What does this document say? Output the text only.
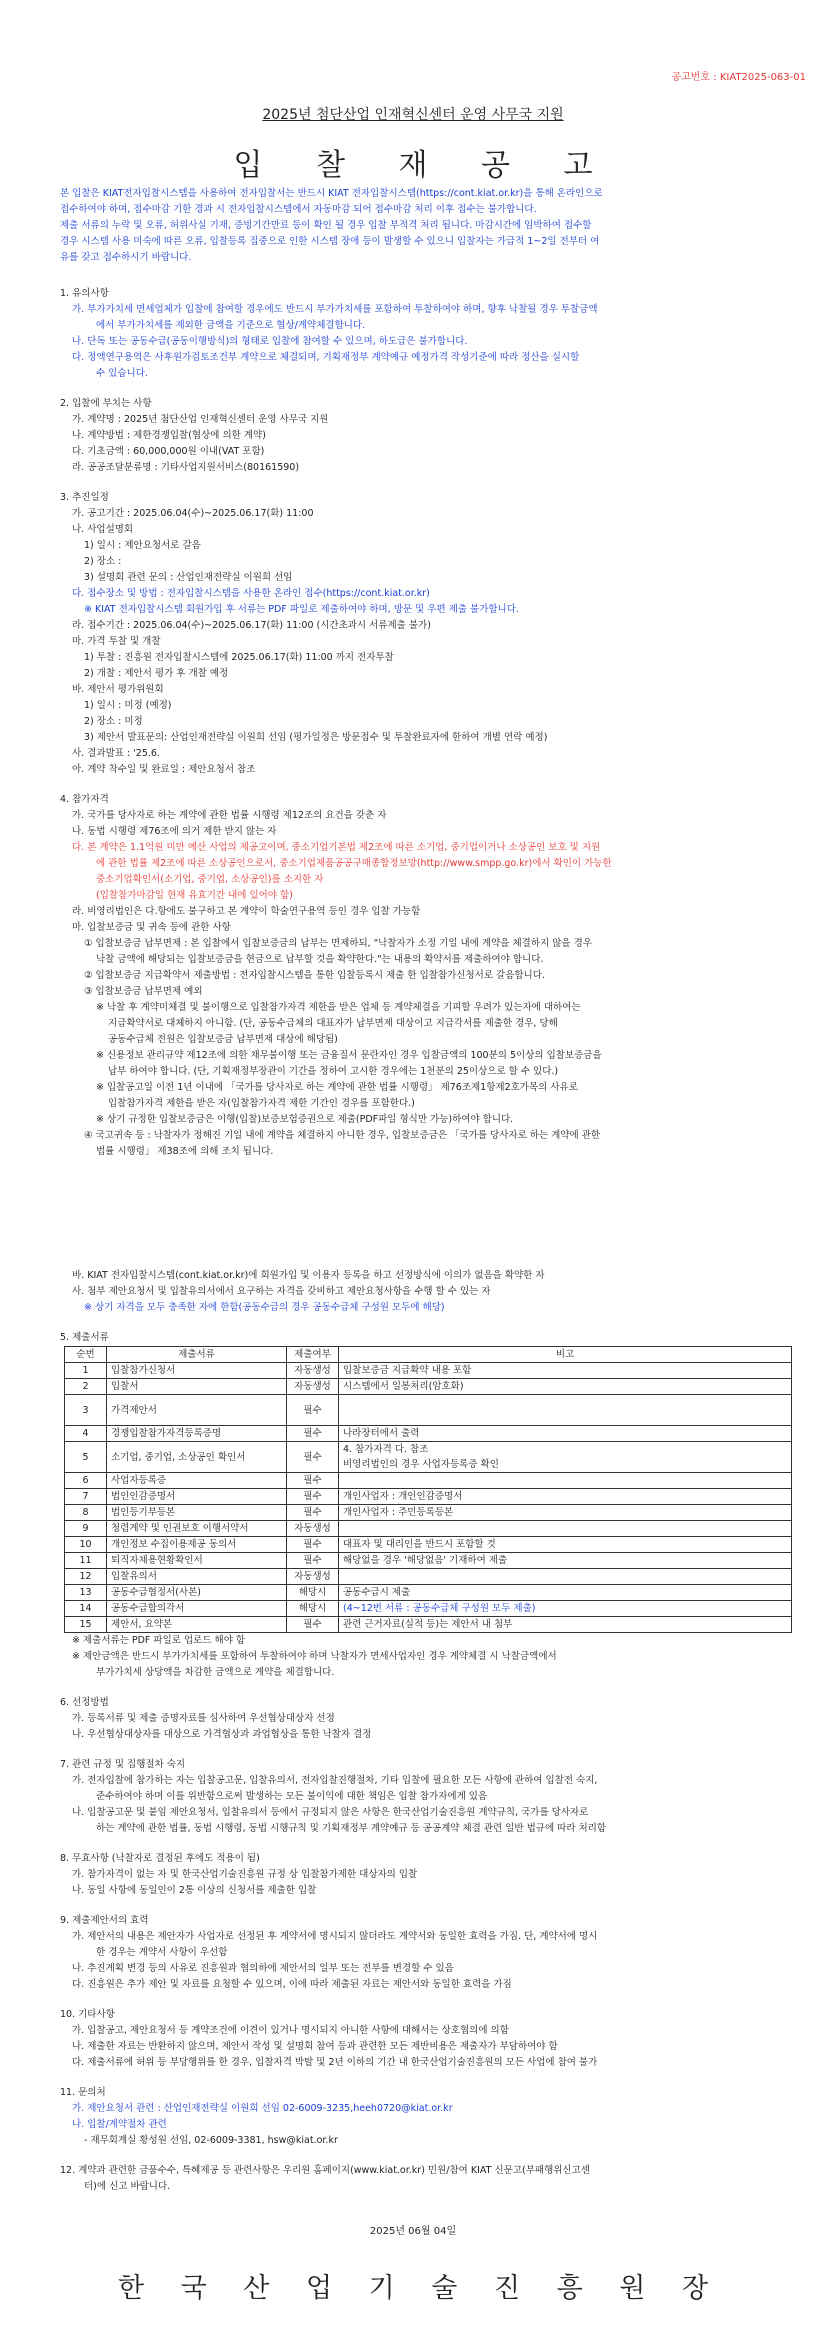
공고번호 : KIAT2025-063-01
2025년 첨단산업 인재혁신센터 운영 사무국 지원
입 찰 재 공 고

본 입찰은 KIAT전자입찰시스템을 사용하여 전자입찰서는 반드시 KIAT 전자입찰시스템(https://cont.kiat.or.kr)을 통해 온라인으로

접수하여야 하며, 접수마감 기한 경과 시 전자입찰시스템에서 자동마감 되어 접수마감 처리 이후 접수는 불가합니다.

제출 서류의 누락 및 오류, 허위사실 기재, 증빙기간만료 등이 확인 될 경우 입찰 부적격 처리 됩니다. 마감시간에 임박하여 접수할

경우 시스템 사용 미숙에 따른 오류, 입찰등록 집중으로 인한 시스템 장애 등이 발생할 수 있으니 입찰자는 가급적 1~2일 전부터 여

유를 갖고 접수하시기 바랍니다.

1. 유의사항

가. 부가가치세 면세업체가 입찰에 참여할 경우에도 반드시 부가가치세를 포함하여 투찰하여야 하며, 향후 낙찰될 경우 투찰금액

에서 부가가치세를 제외한 금액을 기준으로 협상/계약체결합니다.

나. 단독 또는 공동수급(공동이행방식)의 형태로 입찰에 참여할 수 있으며, 하도급은 불가합니다.

다. 정액연구용역은 사후원가검토조건부 계약으로 체결되며, 기획재정부 계약예규 예정가격 작성기준에 따라 정산을 실시할

수 있습니다.

2. 입찰에 부치는 사항

가. 계약명 : 2025년 첨단산업 인재혁신센터 운영 사무국 지원

나. 계약방법 : 제한경쟁입찰(협상에 의한 계약)

다. 기초금액 : 60,000,000원 이내(VAT 포함)

라. 공공조달분류명 : 기타사업지원서비스(80161590)

3. 추진일정

가. 공고기간 : 2025.06.04(수)~2025.06.17(화) 11:00

나. 사업설명회

1) 일시 : 제안요청서로 갈음

2) 장소 :

3) 설명회 관련 문의 : 산업인재전략실 이원희 선임

다. 접수장소 및 방법 : 전자입찰시스템을 사용한 온라인 접수(https://cont.kiat.or.kr)

※ KIAT 전자입찰시스템 회원가입 후 서류는 PDF 파일로 제출하여야 하며, 방문 및 우편 제출 불가합니다.

라. 접수기간 : 2025.06.04(수)~2025.06.17(화) 11:00 (시간초과시 서류제출 불가)

마. 가격 투찰 및 개찰

1) 투찰 : 진흥원 전자입찰시스템에 2025.06.17(화) 11:00 까지 전자투찰

2) 개찰 : 제안서 평가 후 개찰 예정

바. 제안서 평가위원회

1) 일시 : 미정 (예정)

2) 장소 : 미정

3) 제안서 발표문의: 산업인재전략실 이원희 선임 (평가일정은 방문접수 및 투찰완료자에 한하여 개별 연락 예정)

사. 결과발표 : '25.6.

아. 계약 착수일 및 완료일 : 제안요청서 참조

4. 참가자격

가. 국가를 당사자로 하는 계약에 관한 법률 시행령 제12조의 요건을 갖춘 자

나. 동법 시행령 제76조에 의거 제한 받지 않는 자

다. 본 계약은 1.1억원 미만 예산 사업의 제공고이며, 중소기업기본법 제2조에 따른 소기업, 중기업이거나 소상공인 보호 및 지원

에 관한 법률 제2조에 따른 소상공인으로서, 중소기업제품공공구매종합정보망(http://www.smpp.go.kr)에서 확인이 가능한

중소기업확인서(소기업, 중기업, 소상공인)를 소지한 자

(입찰참가마감일 현재 유효기간 내에 있어야 함)

라. 비영리법인은 다.항에도 불구하고 본 계약이 학술연구용역 등인 경우 입찰 가능함

마. 입찰보증금 및 귀속 등에 관한 사항

① 입찰보증금 납부면제 : 본 입찰에서 입찰보증금의 납부는 면제하되, "낙찰자가 소정 기일 내에 계약을 체결하지 않을 경우

낙찰 금액에 해당되는 입찰보증금을 현금으로 납부할 것을 확약한다."는 내용의 확약서를 제출하여야 합니다.

② 입찰보증금 지급확약서 제출방법 : 전자입찰시스템을 통한 입찰등록시 제출 한 입찰참가신청서로 갈음합니다.

③ 입찰보증금 납부면제 예외

※ 낙찰 후 계약미체결 및 불이행으로 입찰참가자격 제한을 받은 업체 등 계약체결을 기피할 우려가 있는자에 대하여는

지급확약서로 대체하지 아니함. (단, 공동수급체의 대표자가 납부면제 대상이고 지급각서를 제출한 경우, 당해

공동수급체 전원은 입찰보증금 납부면제 대상에 해당됨)

※ 신용정보 관리규약 제12조에 의한 채무불이행 또는 금융질서 문란자인 경우 입찰금액의 100분의 5이상의 입찰보증금을

납부 하여야 합니다. (단, 기획재정부장관이 기간을 정하여 고시한 경우에는 1천분의 25이상으로 할 수 있다.)

※ 입찰공고일 이전 1년 이내에 「국가를 당사자로 하는 계약에 관한 법률 시행령」 제76조제1항제2호가목의 사유로

입찰참가자격 제한을 받은 자(입찰참가자격 제한 기간인 경우를 포함한다.)

※ 상기 규정한 입찰보증금은 이행(입찰)보증보험증권으로 제출(PDF파일 형식만 가능)하여야 합니다.

④ 국고귀속 등 : 낙찰자가 정해진 기일 내에 계약을 체결하지 아니한 경우, 입찰보증금은 「국가를 당사자로 하는 계약에 관한

법률 시행령」 제38조에 의해 조치 됩니다.

바. KIAT 전자입찰시스템(cont.kiat.or.kr)에 회원가입 및 이용자 등록을 하고 선정방식에 이의가 없음을 확약한 자

사. 첨부 제안요청서 및 입찰유의서에서 요구하는 자격을 갖비하고 제안요청사항을 수행 할 수 있는 자

※ 상기 자격을 모두 충족한 자에 한함(공동수급의 경우 공동수급체 구성원 모두에 해당)

5. 제출서류

순번	제출서류	제출여부	비고
1	입찰참가신청서	자동생성	입찰보증금 지급확약 내용 포함
2	입찰서	자동생성	시스템에서 일봉처리(암호화)
3	가격제안서	필수	
4	경쟁입찰참가자격등록증명	필수	나라장터에서 출력
5	소기업, 중기업, 소상공인 확인서	필수	4. 참가자격 다. 참조
비영리법인의 경우 사업자등록증 확인

6	사업자등록증	필수	
7	법인인감증명서	필수	개인사업자 : 개인인감증명서
8	법인등기부등본	필수	개인사업자 : 주민등록등본
9	청렴계약 및 인권보호 이행서약서	자동생성	
10	개인정보 수집이용제공 동의서	필수	대표자 및 대리인을 반드시 포함할 것
11	퇴직자채용현황확인서	필수	해당없을 경우 '해당없음' 기재하여 제출
12	입찰유의서	자동생성	
13	공동수급협정서(사본)	해당시	공동수급시 제출
14	공동수급합의각서	해당시	(4~12번 서류 : 공동수급체 구성원 모두 제출)
15	제안서, 요약본	필수	관련 근거자료(실적 등)는 제안서 내 첨부

※ 제출서류는 PDF 파일로 업로드 해야 함

※ 제안금액은 반드시 부가가치세를 포함하여 투찰하여야 하며 낙찰자가 면세사업자인 경우 계약체결 시 낙찰금액에서

부가가치세 상당액을 차감한 금액으로 계약을 체결합니다.

6. 선정방법

가. 등록서류 및 제출 증명자료를 심사하여 우선협상대상자 선정

나. 우선협상대상자를 대상으로 가격협상과 과업협상을 통한 낙찰자 결정

7. 관련 규정 및 집행절차 숙지

가. 전자입찰에 참가하는 자는 입찰공고문, 입찰유의서, 전자입찰진행절차, 기타 입찰에 필요한 모든 사항에 관하여 입찰전 숙지,

준수하여야 하며 이를 위반함으로써 발생하는 모든 불이익에 대한 책임은 입찰 참가자에게 있음

나. 입찰공고문 및 붙임 제안요청서, 입찰유의서 등에서 규정되지 않은 사항은 한국산업기술진흥원 계약규칙, 국가를 당사자로

하는 계약에 관한 법률, 동법 시행령, 동법 시행규칙 및 기획재정부 계약예규 등 공공계약 체결 관련 일반 법규에 따라 처리함

8. 무효사항 (낙찰자로 결정된 후에도 적용이 됨)

가. 참가자격이 없는 자 및 한국산업기술진흥원 규정 상 입찰참가제한 대상자의 입찰

나. 동일 사항에 동일인이 2통 이상의 신청서를 제출한 입찰

9. 제출제안서의 효력

가. 제안서의 내용은 제안자가 사업자로 선정된 후 계약서에 명시되지 않더라도 계약서와 동일한 효력을 가짐. 단, 계약서에 명시

한 경우는 계약서 사항이 우선함

나. 추진계획 변경 등의 사유로 진흥원과 협의하에 제안서의 일부 또는 전부를 변경할 수 있음

다. 진흥원은 추가 제안 및 자료를 요청할 수 있으며, 이에 따라 제출된 자료는 제안서와 동일한 효력을 가짐

10. 기타사항

가. 입찰공고, 제안요청서 등 계약조건에 이견이 있거나 명시되지 아니한 사항에 대해서는 상호협의에 의함

나. 제출한 자료는 반환하지 않으며, 제안서 작성 및 설명회 참여 등과 관련한 모든 제반비용은 제출자가 부담하여야 함

다. 제출서류에 허위 등 부당행위를 한 경우, 입찰자격 박탈 및 2년 이하의 기간 내 한국산업기술진흥원의 모든 사업에 참여 불가

11. 문의처

가. 제안요청서 관련 : 산업인재전략실 이원희 선임 02-6009-3235,heeh0720@kiat.or.kr

나. 입찰/계약절차 관련

- 재무회계실 황성원 선임, 02-6009-3381, hsw@kiat.or.kr

12. 계약과 관련한 금품수수, 특혜제공 등 관련사항은 우리원 홈페이지(www.kiat.or.kr) 민원/참여 KIAT 신문고(부패행위신고센

터)에 신고 바랍니다.

2025년 06월 04일
한 국 산 업 기 술 진 흥 원 장
